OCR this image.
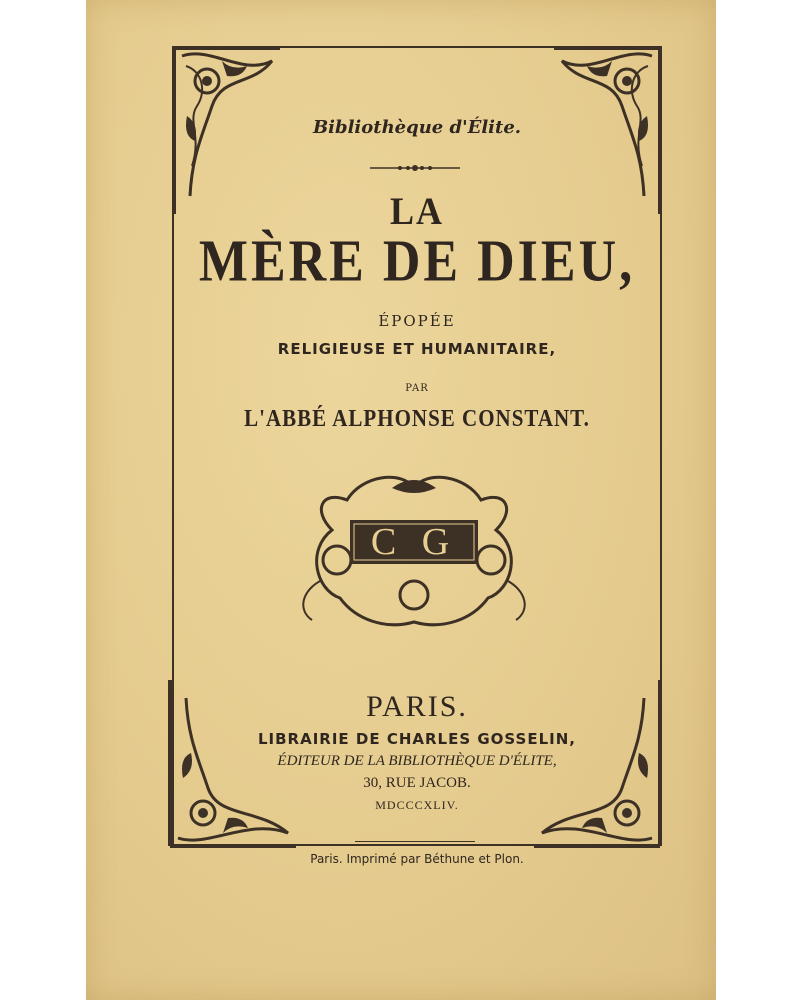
Bibliothèque d'Élite.
LA
MÈRE DE DIEU,
ÉPOPÉE
RELIGIEUSE ET HUMANITAIRE,
PAR
L'ABBÉ ALPHONSE CONSTANT.
C G
PARIS.
LIBRAIRIE DE CHARLES GOSSELIN,
ÉDITEUR DE LA BIBLIOTHÈQUE D'ÉLITE,
30, RUE JACOB.
MDCCCXLIV.
Paris. Imprimé par Béthune et Plon.
